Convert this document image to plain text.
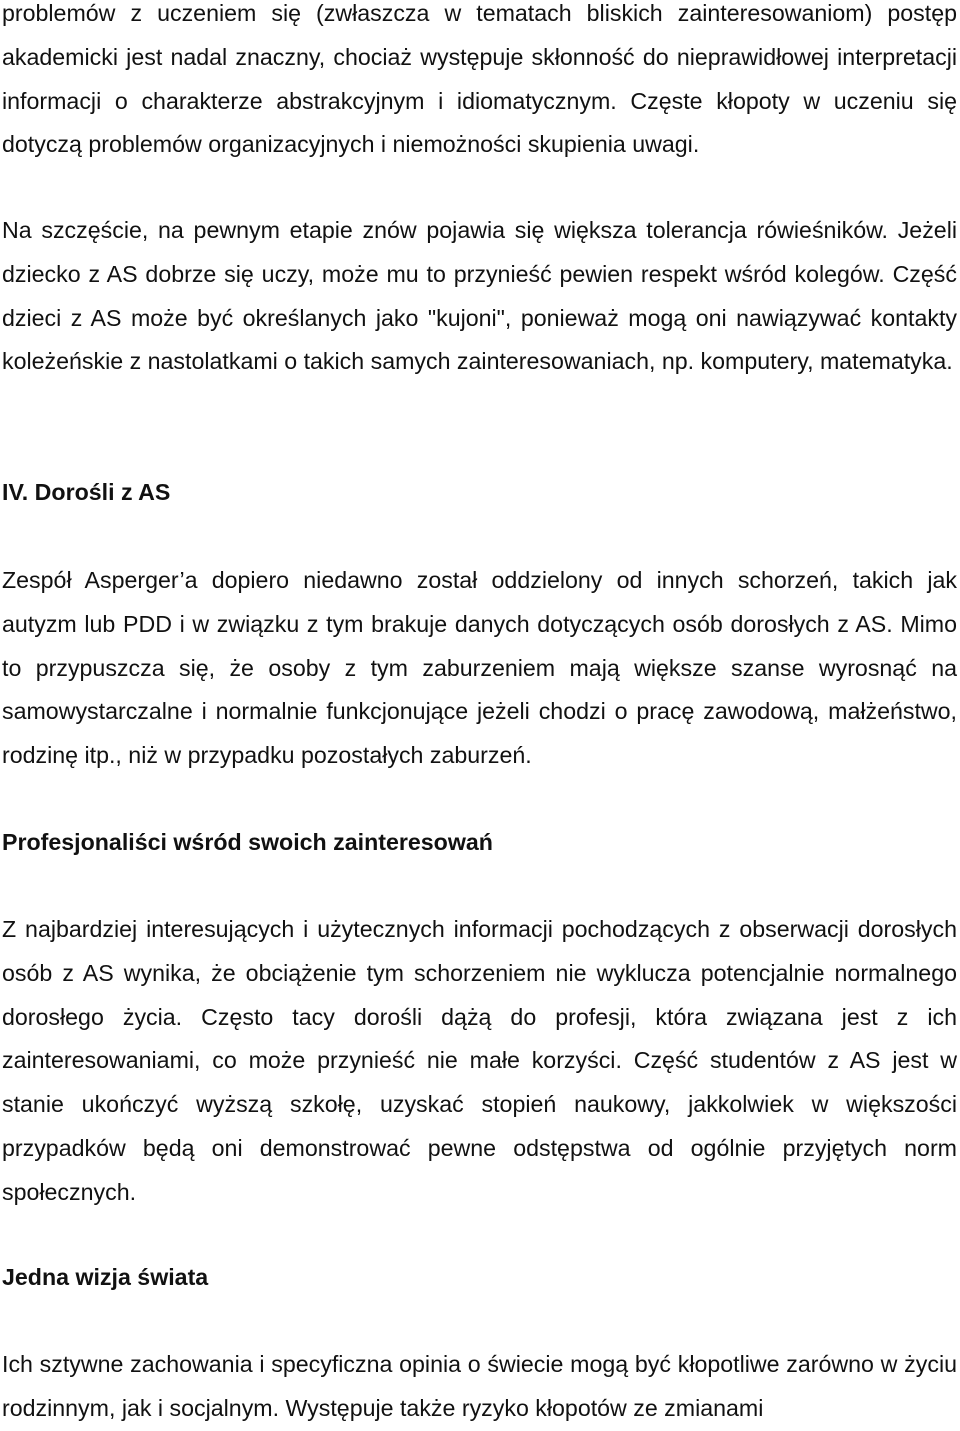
problemów z uczeniem się (zwłaszcza w tematach bliskich zainteresowaniom) postęp akademicki jest nadal znaczny, chociaż występuje skłonność do nieprawidłowej interpretacji informacji o charakterze abstrakcyjnym i idiomatycznym. Częste kłopoty w uczeniu się dotyczą problemów organizacyjnych i niemożności skupienia uwagi.

Na szczęście, na pewnym etapie znów pojawia się większa tolerancja rówieśników. Jeżeli dziecko z AS dobrze się uczy, może mu to przynieść pewien respekt wśród kolegów. Część dzieci z AS może być określanych jako "kujoni", ponieważ mogą oni nawiązywać kontakty koleżeńskie z nastolatkami o takich samych zainteresowaniach, np. komputery, matematyka.

IV. Dorośli z AS

Zespół Asperger’a dopiero niedawno został oddzielony od innych schorzeń, takich jak autyzm lub PDD i w związku z tym brakuje danych dotyczących osób dorosłych z AS. Mimo to przypuszcza się, że osoby z tym zaburzeniem mają większe szanse wyrosnąć na samowystarczalne i normalnie funkcjonujące jeżeli chodzi o pracę zawodową, małżeństwo, rodzinę itp., niż w przypadku pozostałych zaburzeń.

Profesjonaliści wśród swoich zainteresowań

Z najbardziej interesujących i użytecznych informacji pochodzących z obserwacji dorosłych osób z AS wynika, że obciążenie tym schorzeniem nie wyklucza potencjalnie normalnego dorosłego życia. Często tacy dorośli dążą do profesji, która związana jest z ich zainteresowaniami, co może przynieść nie małe korzyści. Część studentów z AS jest w stanie ukończyć wyższą szkołę, uzyskać stopień naukowy, jakkolwiek w większości przypadków będą oni demonstrować pewne odstępstwa od ogólnie przyjętych norm społecznych.

Jedna wizja świata

Ich sztywne zachowania i specyficzna opinia o świecie mogą być kłopotliwe zarówno w życiu rodzinnym, jak i socjalnym. Występuje także ryzyko kłopotów ze zmianami
